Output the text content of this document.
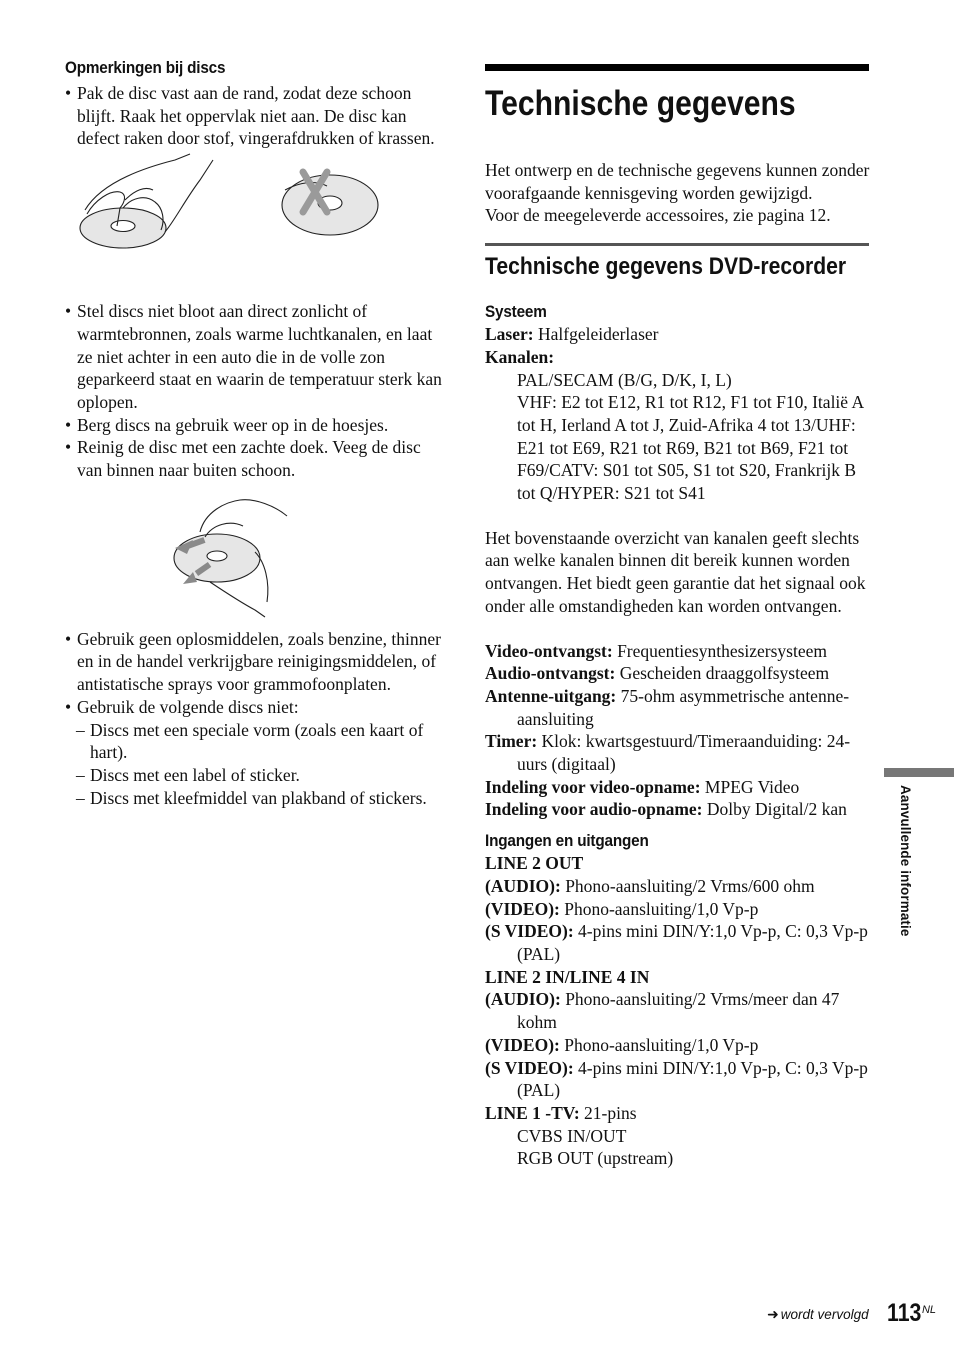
Opmerkingen bij discs

• Pak de disc vast aan de rand, zodat deze schoon blijft. Raak het oppervlak niet aan. De disc kan defect raken door stof, vingerafdrukken of krassen.

• Stel discs niet bloot aan direct zonlicht of warmtebronnen, zoals warme luchtkanalen, en laat ze niet achter in een auto die in de volle zon geparkeerd staat en waarin de temperatuur sterk kan oplopen.

• Berg discs na gebruik weer op in de hoesjes.

• Reinig de disc met een zachte doek. Veeg de disc van binnen naar buiten schoon.

• Gebruik geen oplosmiddelen, zoals benzine, thinner en in de handel verkrijgbare reinigingsmiddelen, of antistatische sprays voor grammofoonplaten.

• Gebruik de volgende discs niet:

– Discs met een speciale vorm (zoals een kaart of hart).

– Discs met een label of sticker.

– Discs met kleefmiddel van plakband of stickers.

Technische gegevens

Het ontwerp en de technische gegevens kunnen zonder voorafgaande kennisgeving worden gewijzigd.

Voor de meegeleverde accessoires, zie pagina 12.

Technische gegevens DVD-recorder
Systeem

Laser: Halfgeleiderlaser

Kanalen:

PAL/SECAM (B/G, D/K, I, L)

VHF: E2 tot E12, R1 tot R12, F1 tot F10, Italië A tot H, Ierland A tot J, Zuid-Afrika 4 tot 13/UHF: E21 tot E69, R21 tot R69, B21 tot B69, F21 tot F69/CATV: S01 tot S05, S1 tot S20, Frankrijk B tot Q/HYPER: S21 tot S41

Het bovenstaande overzicht van kanalen geeft slechts aan welke kanalen binnen dit bereik kunnen worden ontvangen. Het biedt geen garantie dat het signaal ook onder alle omstandigheden kan worden ontvangen.

Video-ontvangst: Frequentiesynthesizersysteem

Audio-ontvangst: Gescheiden draaggolfsysteem

Antenne-uitgang: 75-ohm asymmetrische antenne-aansluiting

Timer: Klok: kwartsgestuurd/Timeraanduiding: 24-uurs (digitaal)

Indeling voor video-opname: MPEG Video

Indeling voor audio-opname: Dolby Digital/2 kan

Ingangen en uitgangen

LINE 2 OUT

(AUDIO): Phono-aansluiting/2 Vrms/600 ohm

(VIDEO): Phono-aansluiting/1,0 Vp-p

(S VIDEO): 4-pins mini DIN/Y:1,0 Vp-p, C: 0,3 Vp-p (PAL)

LINE 2 IN/LINE 4 IN

(AUDIO): Phono-aansluiting/2 Vrms/meer dan 47 kohm

(VIDEO): Phono-aansluiting/1,0 Vp-p

(S VIDEO): 4-pins mini DIN/Y:1,0 Vp-p, C: 0,3 Vp-p (PAL)

LINE 1 -TV: 21-pins

CVBS IN/OUT

RGB OUT (upstream)

Aanvullende informatie
➜ wordt vervolgd 113 NL
